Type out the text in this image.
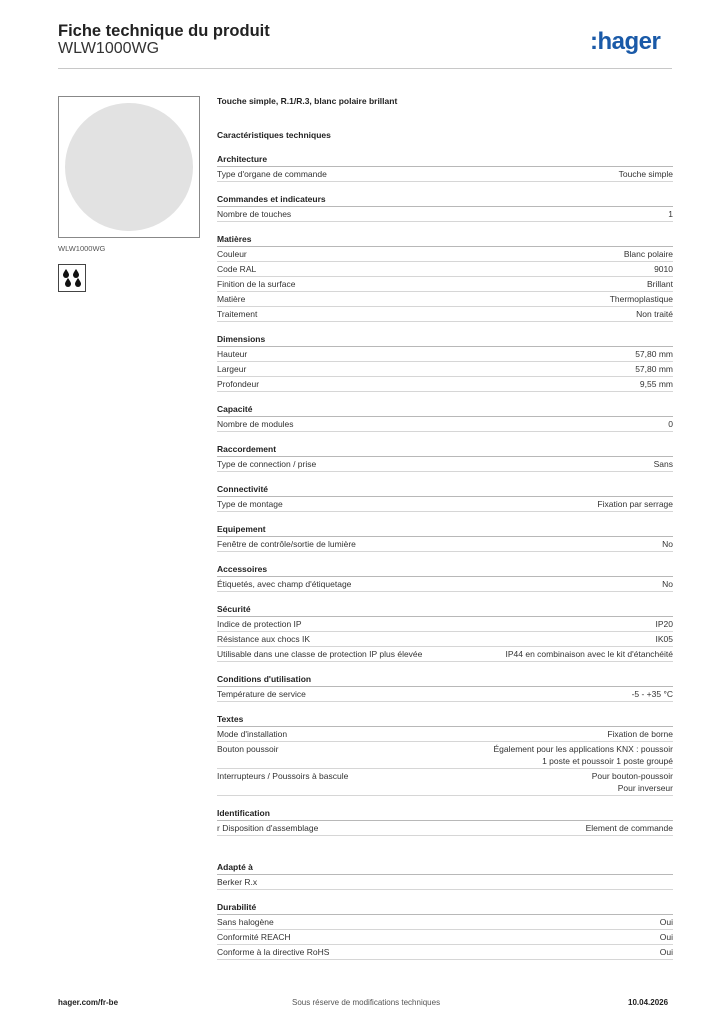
Fiche technique du produit
WLW1000WG	:hager
WLW1000WG
Touche simple, R.1/R.3, blanc polaire brillant
Caractéristiques techniques
Architecture
Type d'organe de commande	Touche simple
Commandes et indicateurs
Nombre de touches	1
Matières
Couleur	Blanc polaire
Code RAL	9010
Finition de la surface	Brillant
Matière	Thermoplastique
Traitement	Non traité
Dimensions
Hauteur	57,80 mm
Largeur	57,80 mm
Profondeur	9,55 mm
Capacité
Nombre de modules	0
Raccordement
Type de connection / prise	Sans
Connectivité
Type de montage	Fixation par serrage
Equipement
Fenêtre de contrôle/sortie de lumière	No
Accessoires
Étiquetés, avec champ d'étiquetage	No
Sécurité
Indice de protection IP	IP20
Résistance aux chocs IK	IK05
Utilisable dans une classe de protection IP plus élevée	IP44 en combinaison avec le kit d'étanchéité
Conditions d'utilisation
Température de service	-5 - +35 °C
Textes
Mode d'installation	Fixation de borne
Bouton poussoir	Également pour les applications KNX : poussoir
1 poste et poussoir 1 poste groupé
Interrupteurs / Poussoirs à bascule	Pour bouton-poussoir
Pour inverseur
Identification
r Disposition d'assemblage	Element de commande
Adapté à
Berker R.x
Durabilité
Sans halogène	Oui
Conformité REACH	Oui
Conforme à la directive RoHS	Oui
hager.com/fr-be	Sous réserve de modifications techniques	10.04.2026
